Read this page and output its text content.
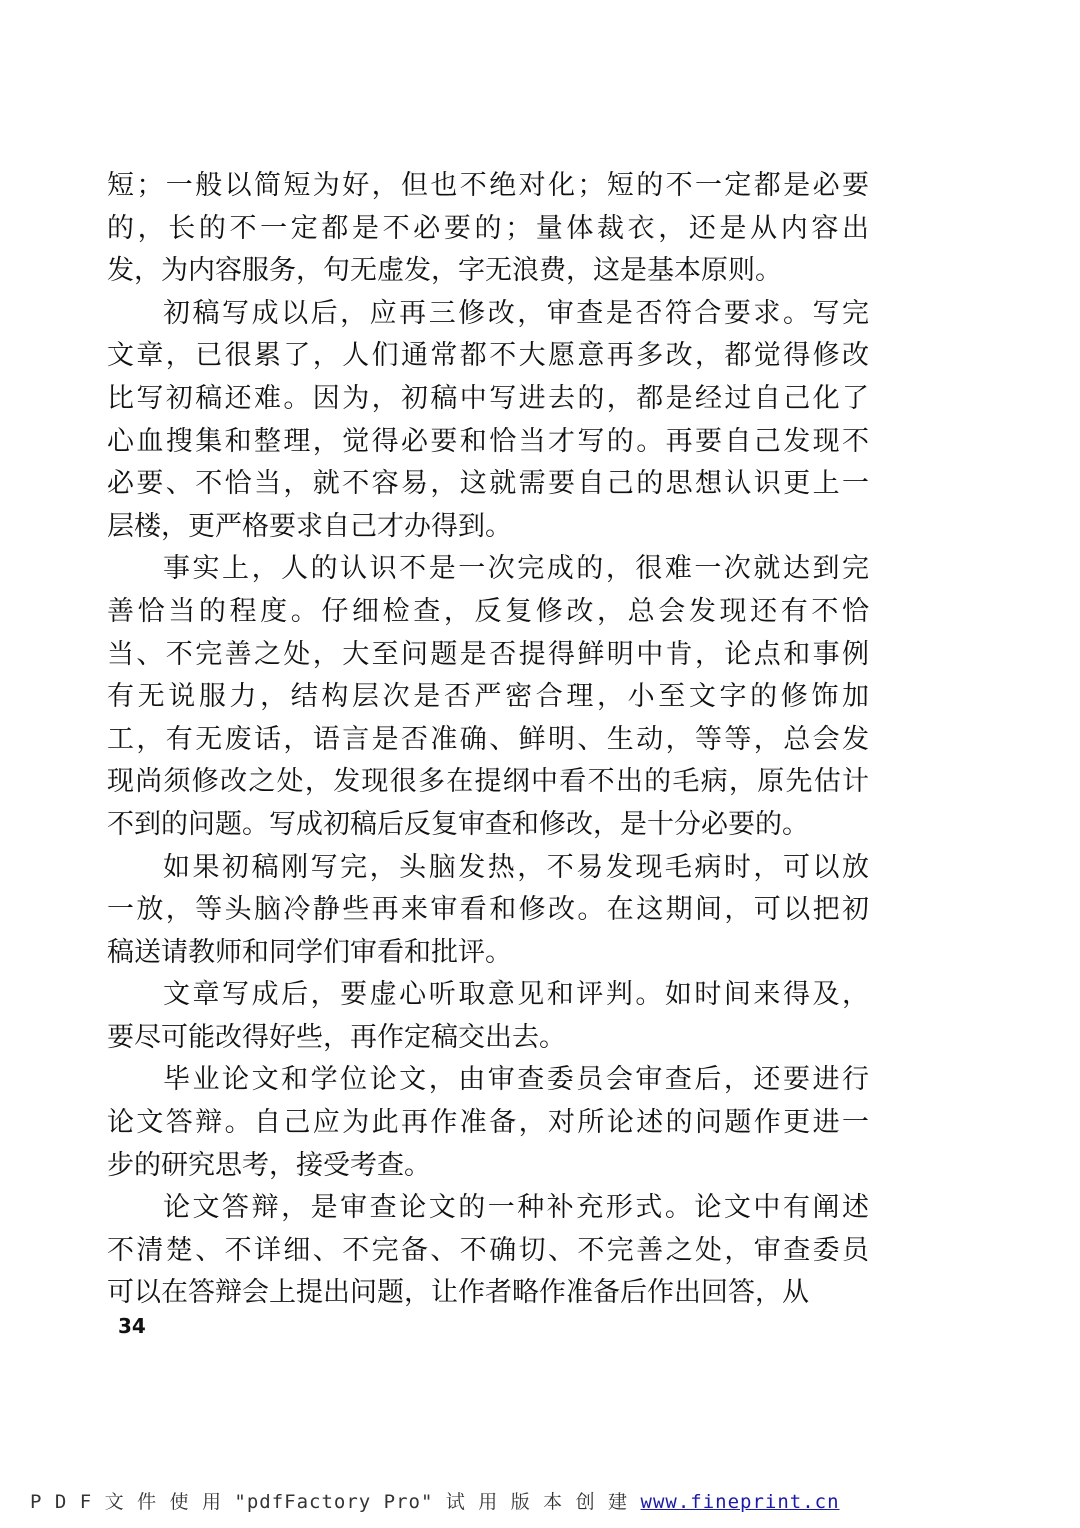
短；一般以简短为好，但也不绝对化；短的不一定都是必要
的，长的不一定都是不必要的；量体裁衣，还是从内容出
发，为内容服务，句无虚发，字无浪费，这是基本原则。
初稿写成以后，应再三修改，审查是否符合要求。写完
文章，已很累了，人们通常都不大愿意再多改，都觉得修改
比写初稿还难。因为，初稿中写进去的，都是经过自己化了
心血搜集和整理，觉得必要和恰当才写的。再要自己发现不
必要、不恰当，就不容易，这就需要自己的思想认识更上一
层楼，更严格要求自己才办得到。
事实上，人的认识不是一次完成的，很难一次就达到完
善恰当的程度。仔细检查，反复修改，总会发现还有不恰
当、不完善之处，大至问题是否提得鲜明中肯，论点和事例
有无说服力，结构层次是否严密合理，小至文字的修饰加
工，有无废话，语言是否准确、鲜明、生动，等等，总会发
现尚须修改之处，发现很多在提纲中看不出的毛病，原先估计
不到的问题。写成初稿后反复审查和修改，是十分必要的。
如果初稿刚写完，头脑发热，不易发现毛病时，可以放
一放，等头脑冷静些再来审看和修改。在这期间，可以把初
稿送请教师和同学们审看和批评。
文章写成后，要虚心听取意见和评判。如时间来得及，
要尽可能改得好些，再作定稿交出去。
毕业论文和学位论文，由审查委员会审查后，还要进行
论文答辩。自己应为此再作准备，对所论述的问题作更进一
步的研究思考，接受考查。
论文答辩，是审查论文的一种补充形式。论文中有阐述
不清楚、不详细、不完备、不确切、不完善之处，审查委员
可以在答辩会上提出问题，让作者略作准备后作出回答，从
34
P D F 文 件 使 用 "pdfFactory Pro" 试 用 版 本 创 建 www.fineprint.cn
